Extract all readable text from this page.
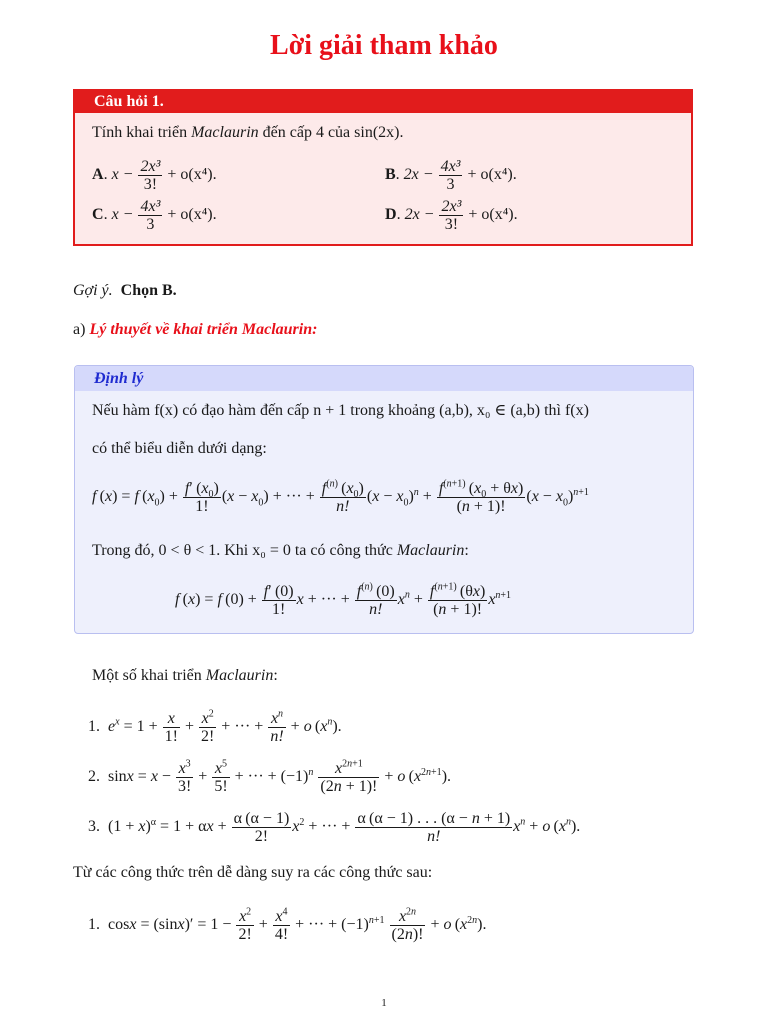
Lời giải tham khảo
Câu hỏi 1.
Tính khai triển Maclaurin đến cấp 4 của sin(2x).
A. $x - \frac{\text{2x³}}{3!} + o(x^4)$.	B. $2x - \frac{\text{4x³}}{3} + o(x^4)$.
C. $x - \frac{\text{4x³}}{3} + o(x^4)$.	D. $2x - \frac{\text{2x³}}{3!} + o(x^4)$.
Gợi ý. Chọn B.
a) Lý thuyết về khai triển Maclaurin:
Định lý
Nếu hàm f(x) có đạo hàm đến cấp n + 1 trong khoảng (a,b), x₀ ∈ (a,b) thì f(x)
có thể biểu diễn dưới dạng:
f (x) = f $(x_0) + \frac{f' (x_0)}{1!} (x - x_0)$ + ··· + $\frac{f^{(n)} (x_0)}{n!} (x - x_0)^n + \frac{f^{(n+1)} (x_0 + \theta x)}{(n + 1)!} (x - x_0)^{n+1}$
Trong đó, 0 < θ < 1. Khi x₀ = 0 ta có công thức Maclaurin:
f (x) = f $(0) + \frac{f' (0)}{1!}$ x + ··· + $\frac{f^{(n)} (0)}{n!} x^n + \frac{f^{(n+1)} (\theta x)}{(n + 1)!} x^{n+1}$
Một số khai triển Maclaurin:
1. $e^x = 1 + \frac{x}{1!} + \frac{x^2}{2!}$ + ··· + $\frac{x^n}{n!} + o$ $(x^n)$.
2.  $\sin x = x - \frac{x^3}{3!} + \frac{x^5}{5!}$ + ··· + $(-1)^n \frac{x^{2n+1}}{(2n + 1)!} + o$ $(x^{2n+1})$.
3.  $(1 + x)^\alpha = 1 + \alpha x + \frac{\alpha (\alpha - 1)}{2!} x^2$ + ··· + $\frac{\alpha (\alpha - 1) . . . (\alpha - n + 1)}{n!} x^n + o$ $(x^n)$.
Từ các công thức trên dễ dàng suy ra các công thức sau:
1.  $\cos x = (\sin x)' = 1 - \frac{x^2}{2!} + \frac{x^4}{4!}$ + ··· + $(-1)^{n+1} \frac{x^{2n}}{(2n)!} + o$ $(x^{2n})$.
1
